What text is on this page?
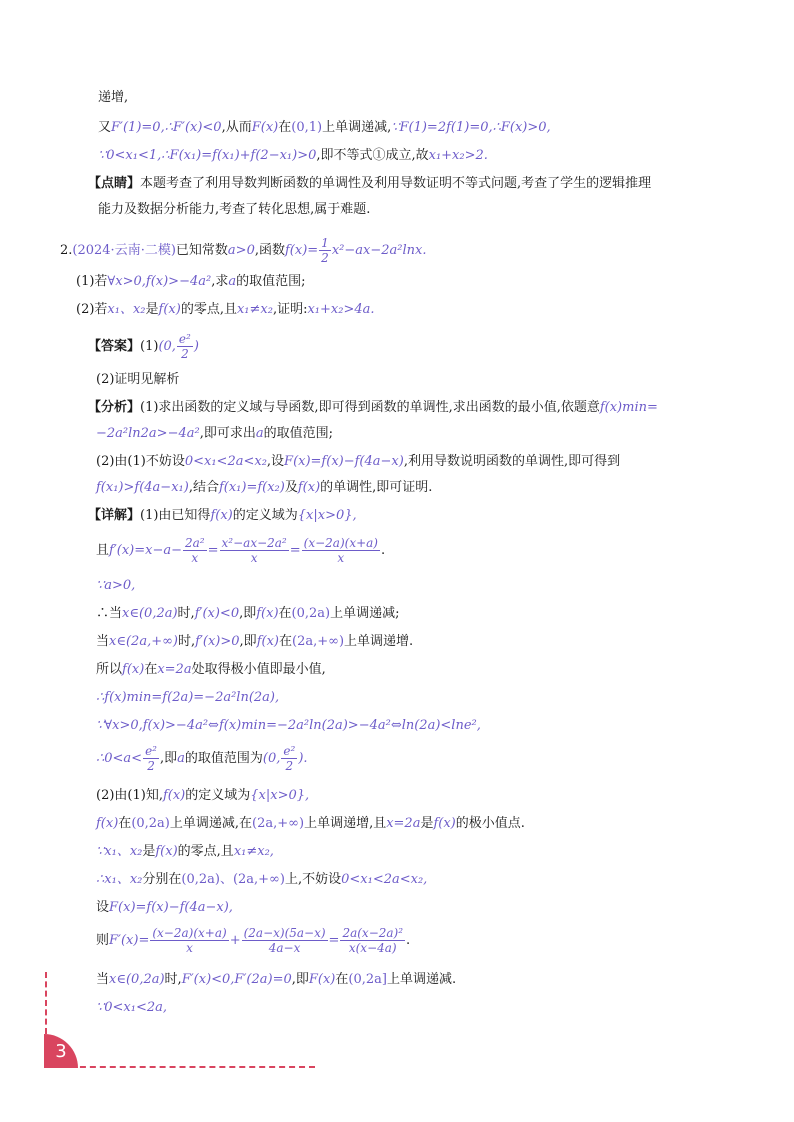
递增,
又F′(1)=0,∴F′(x)<0,从而F(x)在(0,1)上单调递减,∵F(1)=2f(1)=0,∴F(x)>0,
∵0<x₁<1,∴F(x₁)=f(x₁)+f(2−x₁)>0,即不等式①成立,故x₁+x₂>2.
【点睛】本题考查了利用导数判断函数的单调性及利用导数证明不等式问题,考查了学生的逻辑推理
能力及数据分析能力,考查了转化思想,属于难题.
2.(2024·云南·二模)已知常数a>0,函数$f(x)= \frac{1}{2} x^2-ax-2a^2\ln x$.
(1)若∀x>0,f(x)>−4a²,求a的取值范围;
(2)若x₁、x₂是f(x)的零点,且x₁≠x₂,证明:x₁+x₂>4a.
【答案】(1)(0, $\frac{\text{e²}}{2}$ )
(2)证明见解析
【分析】(1)求出函数的定义域与导函数,即可得到函数的单调性,求出函数的最小值,依题意f(x)min=
−2a²ln2a>−4a²,即可求出a的取值范围;
(2)由(1)不妨设0<x₁<2a<x₂,设F(x)=f(x)−f(4a−x),利用导数说明函数的单调性,即可得到
f(x₁)>f(4a−x₁),结合f(x₁)=f(x₂)及f(x)的单调性,即可证明.
【详解】(1)由已知得f(x)的定义域为{x|x>0},
且$f'(x)=x-a- \frac{\text{2a²}}{x} = \frac{\text{x²−ax−2a²}}{x} = \frac{(x-2a)(x+a)}{x}$ .
∵a>0,
∴当x∈(0,2a)时,f′(x)<0,即f(x)在(0,2a)上单调递减;
当x∈(2a,+∞)时,f′(x)>0,即f(x)在(2a,+∞)上单调递增.
所以f(x)在x=2a处取得极小值即最小值,
∴f(x)min=f(2a)=−2a²ln(2a),
∵∀x>0,f(x)>−4a²⇔f(x)min=−2a²ln(2a)>−4a²⇔ln(2a)<lne²,
∴0<a< $\frac{\text{e²}}{2}$ ,即a的取值范围为(0, $\frac{\text{e²}}{2}$ ).
(2)由(1)知,f(x)的定义域为{x|x>0},
f(x)在(0,2a)上单调递减,在(2a,+∞)上单调递增,且x=2a是f(x)的极小值点.
∵x₁、x₂是f(x)的零点,且x₁≠x₂,
∴x₁、x₂分别在(0,2a)、(2a,+∞)上,不妨设0<x₁<2a<x₂,
设F(x)=f(x)−f(4a−x),
则$F'(x)= \frac{(x-2a)(x+a)}{x} + \frac{(2a-x)(5a-x)}{4a-x} = \frac{\text{2a(x−2a)²}}{x(x-4a)}$ .
当x∈(0,2a)时,F′(x)<0,F′(2a)=0,即F(x)在(0,2a]上单调递减.
∵0<x₁<2a,
3
